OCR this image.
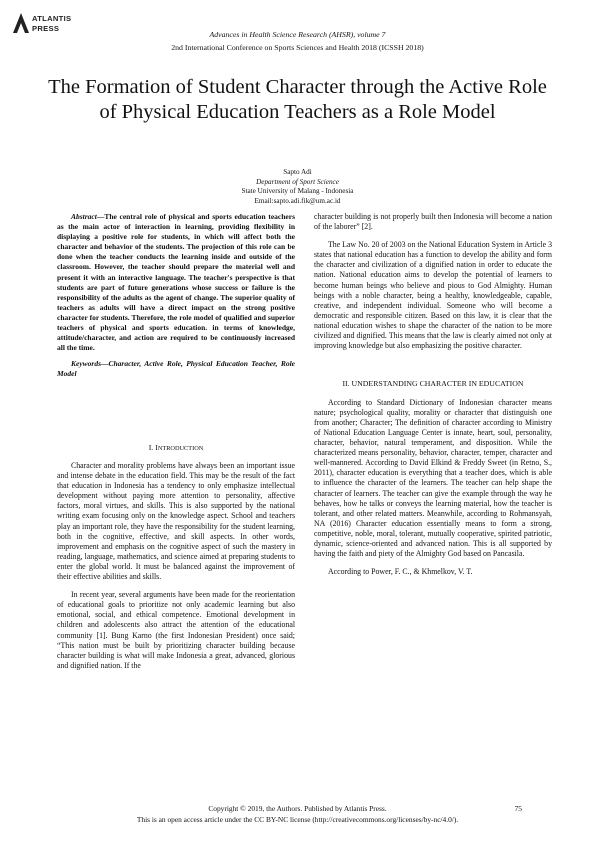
ATLANTIS
PRESS
Advances in Health Science Research (AHSR), volume 7
2nd International Conference on Sports Sciences and Health 2018 (ICSSH 2018)
The Formation of Student Character through the Active Role of Physical Education Teachers as a Role Model
Sapto Adi
Department of Sport Science
State University of Malang - Indonesia
Email:sapto.adi.fik@um.ac.id

Abstract—The central role of physical and sports education teachers as the main actor of interaction in learning, providing flexibility in displaying a positive role for students, in which will affect both the character and behavior of the students. The projection of this role can be done when the teacher conducts the learning inside and outside of the classroom. However, the teacher should prepare the material well and present it with an interactive language. The teacher's perspective is that students are part of future generations whose success or failure is the responsibility of the adults as the agent of change. The superior quality of teachers as adults will have a direct impact on the strong positive character for students. Therefore, the role model of qualified and superior teachers of physical and sports education. in terms of knowledge, attitude/character, and action are required to be continuously increased all the time.

Keywords—Character, Active Role, Physical Education Teacher, Role Model

I. INTRODUCTION

Character and morality problems have always been an important issue and intense debate in the education field. This may be the result of the fact that education in Indonesia has a tendency to only emphasize intellectual development without paying more attention to personality, affective factors, moral virtues, and skills. This is also supported by the national writing exam focusing only on the knowledge aspect. School and teachers play an important role, they have the responsibility for the student learning, both in the cognitive, effective, and skill aspects. In other words, improvement and emphasis on the cognitive aspect of such the mastery in reading, language, mathematics, and science aimed at preparing students to enter the global world. It must be balanced against the improvement of their effective abilities and skills.

In recent year, several arguments have been made for the reorientation of educational goals to prioritize not only academic learning but also emotional, social, and ethical competence. Emotional development in children and adolescents also attract the attention of the educational community [1]. Bung Karno (the first Indonesian President) once said; “This nation must be built by prioritizing character building because character building is what will make Indonesia a great, advanced, glorious and dignified nation. If the

character building is not properly built then Indonesia will become a nation of the laborer” [2].

The Law No. 20 of 2003 on the National Education System in Article 3 states that national education has a function to develop the ability and form the character and civilization of a dignified nation in order to educate the nation. National education aims to develop the potential of learners to become human beings who believe and pious to God Almighty. Human beings with a noble character, being a healthy, knowledgeable, capable, creative, and independent individual. Someone who will become a democratic and responsible citizen. Based on this law, it is clear that the national education wishes to shape the character of the nation to be more civilized and dignified. This means that the law is clearly aimed not only at improving knowledge but also emphasizing the positive character.

II. UNDERSTANDING CHARACTER IN EDUCATION

According to Standard Dictionary of Indonesian character means nature; psychological quality, morality or character that distinguish one from another; Character; The definition of character according to Ministry of National Education Language Center is innate, heart, soul, personality, character, behavior, natural temperament, and disposition. While the characterized means personality, behavior, character, temper, character and well-mannered. According to David Elkind & Freddy Sweet (in Retno, S., 2011), character education is everything that a teacher does, which is able to influence the character of the learners. The teacher can help shape the character of learners. The teacher can give the example through the way he behaves, how he talks or conveys the learning material, how the teacher is tolerant, and other related matters. Meanwhile, according to Rohmansyah, NA (2016) Character education essentially means to form a strong, competitive, noble, moral, tolerant, mutually cooperative, spirited patriotic, dynamic, science-oriented and advanced nation. This is all supported by having the faith and piety of the Almighty God based on Pancasila.

According to Power, F. C., & Khmelkov, V. T.

Copyright © 2019, the Authors. Published by Atlantis Press.
This is an open access article under the CC BY-NC license (http://creativecommons.org/licenses/by-nc/4.0/).
75
